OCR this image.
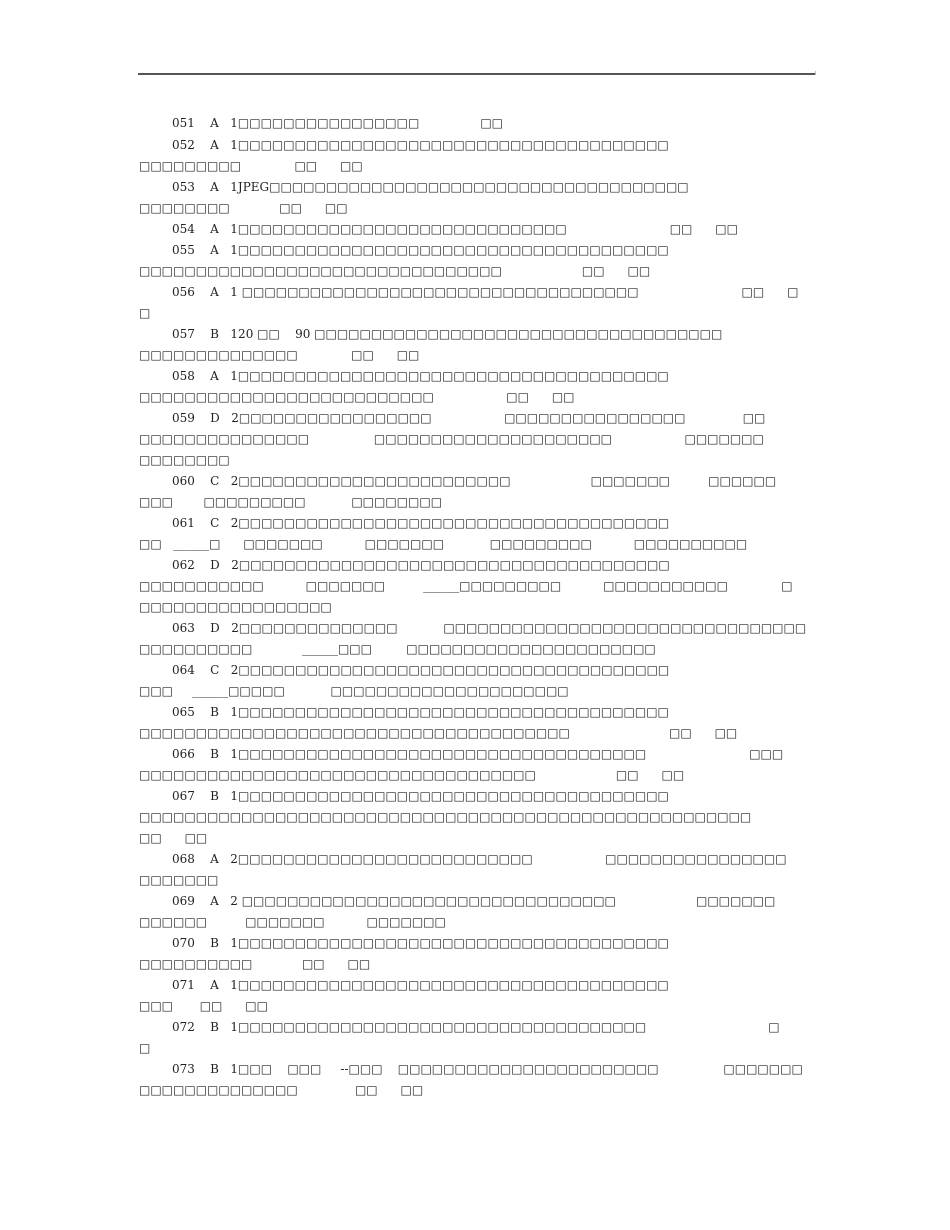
051    A   1□□□□□□□□□□□□□□□□                □□
052    A   1□□□□□□□□□□□□□□□□□□□□□□□□□□□□□□□□□□□□□□
□□□□□□□□□              □□      □□
053    A   1JPEG□□□□□□□□□□□□□□□□□□□□□□□□□□□□□□□□□□□□□
□□□□□□□□             □□      □□
054    A   1□□□□□□□□□□□□□□□□□□□□□□□□□□□□□                           □□      □□
055    A   1□□□□□□□□□□□□□□□□□□□□□□□□□□□□□□□□□□□□□□
□□□□□□□□□□□□□□□□□□□□□□□□□□□□□□□□                     □□      □□
056    A   1 □□□□□□□□□□□□□□□□□□□□□□□□□□□□□□□□□□□                           □□      □
□
057    B   120 □□    90 □□□□□□□□□□□□□□□□□□□□□□□□□□□□□□□□□□□□
□□□□□□□□□□□□□□              □□      □□
058    A   1□□□□□□□□□□□□□□□□□□□□□□□□□□□□□□□□□□□□□□
□□□□□□□□□□□□□□□□□□□□□□□□□□                   □□      □□
059    D   2□□□□□□□□□□□□□□□□□                   □□□□□□□□□□□□□□□□               □□
□□□□□□□□□□□□□□□                 □□□□□□□□□□□□□□□□□□□□□                   □□□□□□□
□□□□□□□□
060    C   2□□□□□□□□□□□□□□□□□□□□□□□□                     □□□□□□□          □□□□□□
□□□        □□□□□□□□□            □□□□□□□□
061    C   2□□□□□□□□□□□□□□□□□□□□□□□□□□□□□□□□□□□□□□
□□   ______□      □□□□□□□           □□□□□□□            □□□□□□□□□           □□□□□□□□□□
062    D   2□□□□□□□□□□□□□□□□□□□□□□□□□□□□□□□□□□□□□□
□□□□□□□□□□□           □□□□□□□          ______□□□□□□□□□           □□□□□□□□□□□              □
□□□□□□□□□□□□□□□□□
063    D   2□□□□□□□□□□□□□□            □□□□□□□□□□□□□□□□□□□□□□□□□□□□□□□□
□□□□□□□□□□             ______□□□         □□□□□□□□□□□□□□□□□□□□□□
064    C   2□□□□□□□□□□□□□□□□□□□□□□□□□□□□□□□□□□□□□□
□□□     ______□□□□□            □□□□□□□□□□□□□□□□□□□□□
065    B   1□□□□□□□□□□□□□□□□□□□□□□□□□□□□□□□□□□□□□□
□□□□□□□□□□□□□□□□□□□□□□□□□□□□□□□□□□□□□□                          □□      □□
066    B   1□□□□□□□□□□□□□□□□□□□□□□□□□□□□□□□□□□□□                           □□□
□□□□□□□□□□□□□□□□□□□□□□□□□□□□□□□□□□□                     □□      □□
067    B   1□□□□□□□□□□□□□□□□□□□□□□□□□□□□□□□□□□□□□□
□□□□□□□□□□□□□□□□□□□□□□□□□□□□□□□□□□□□□□□□□□□□□□□□□□□□□□
□□      □□
068    A   2□□□□□□□□□□□□□□□□□□□□□□□□□□                   □□□□□□□□□□□□□□□□
□□□□□□□
069    A   2 □□□□□□□□□□□□□□□□□□□□□□□□□□□□□□□□□                     □□□□□□□
□□□□□□          □□□□□□□           □□□□□□□
070    B   1□□□□□□□□□□□□□□□□□□□□□□□□□□□□□□□□□□□□□□
□□□□□□□□□□             □□      □□
071    A   1□□□□□□□□□□□□□□□□□□□□□□□□□□□□□□□□□□□□□□
□□□       □□      □□
072    B   1□□□□□□□□□□□□□□□□□□□□□□□□□□□□□□□□□□□□                                □
□
073    B   1□□□    □□□     --□□□    □□□□□□□□□□□□□□□□□□□□□□□                 □□□□□□□
□□□□□□□□□□□□□□               □□      □□
